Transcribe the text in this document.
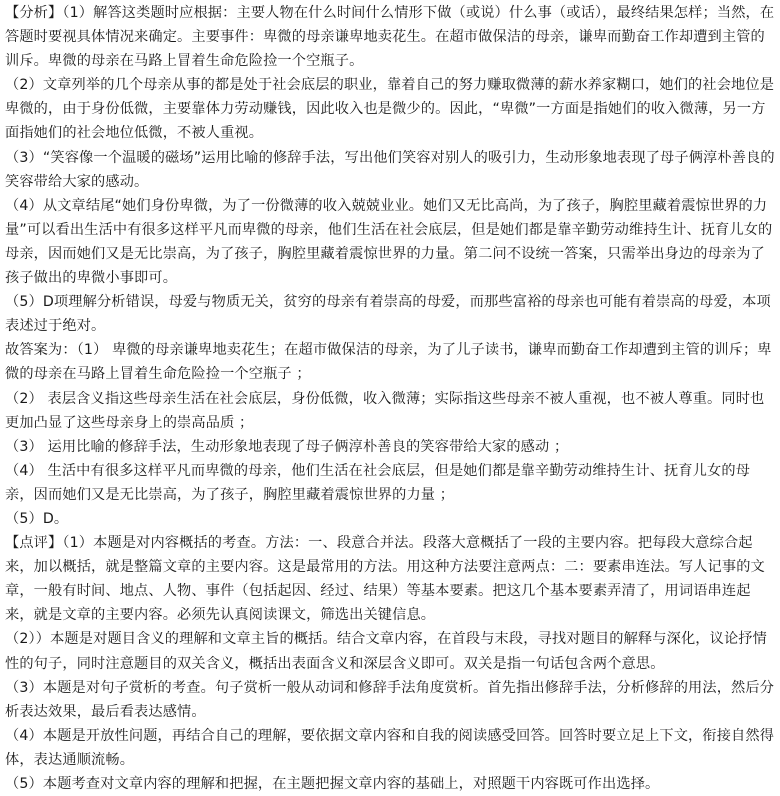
【分析】（1）解答这类题时应根据：主要人物在什么时间什么情形下做（或说）什么事（或话），最终结果怎样；当然，在答题时要视具体情况来确定。主要事件：卑微的母亲谦卑地卖花生。在超市做保洁的母亲，谦卑而勤奋工作却遭到主管的训斥。卑微的母亲在马路上冒着生命危险捡一个空瓶子。

（2）文章列举的几个母亲从事的都是处于社会底层的职业，靠着自己的努力赚取微薄的薪水养家糊口，她们的社会地位是卑微的，由于身份低微，主要靠体力劳动赚钱，因此收入也是微少的。因此，“卑微”一方面是指她们的收入微薄，另一方面指她们的社会地位低微，不被人重视。

（3）“笑容像一个温暖的磁场”运用比喻的修辞手法，写出他们笑容对别人的吸引力，生动形象地表现了母子俩淳朴善良的笑容带给大家的感动。

（4）从文章结尾“她们身份卑微，为了一份微薄的收入兢兢业业。她们又无比高尚，为了孩子，胸腔里藏着震惊世界的力量”可以看出生活中有很多这样平凡而卑微的母亲，他们生活在社会底层，但是她们都是靠辛勤劳动维持生计、抚育儿女的母亲，因而她们又是无比崇高，为了孩子，胸腔里藏着震惊世界的力量。第二问不设统一答案，只需举出身边的母亲为了孩子做出的卑微小事即可。

（5）D项理解分析错误，母爱与物质无关，贫穷的母亲有着崇高的母爱，而那些富裕的母亲也可能有着崇高的母爱，本项表述过于绝对。

故答案为：（1） 卑微的母亲谦卑地卖花生；在超市做保洁的母亲，为了儿子读书，谦卑而勤奋工作却遭到主管的训斥；卑微的母亲在马路上冒着生命危险捡一个空瓶子 ；

（2） 表层含义指这些母亲生活在社会底层，身份低微，收入微薄；实际指这些母亲不被人重视，也不被人尊重。同时也更加凸显了这些母亲身上的崇高品质 ；

（3） 运用比喻的修辞手法，生动形象地表现了母子俩淳朴善良的笑容带给大家的感动 ；

（4） 生活中有很多这样平凡而卑微的母亲，他们生活在社会底层，但是她们都是靠辛勤劳动维持生计、抚育儿女的母亲，因而她们又是无比崇高，为了孩子，胸腔里藏着震惊世界的力量 ；

（5）D。

【点评】（1）本题是对内容概括的考查。方法：一、段意合并法。段落大意概括了一段的主要内容。把每段大意综合起来，加以概括，就是整篇文章的主要内容。这是最常用的方法。用这种方法要注意两点：二：要素串连法。写人记事的文章，一般有时间、地点、人物、事件（包括起因、经过、结果）等基本要素。把这几个基本要素弄清了，用词语串连起来，就是文章的主要内容。必须先认真阅读课文，筛选出关键信息。

（2））本题是对题目含义的理解和文章主旨的概括。结合文章内容，在首段与末段，寻找对题目的解释与深化，议论抒情性的句子，同时注意题目的双关含义，概括出表面含义和深层含义即可。双关是指一句话包含两个意思。

（3）本题是对句子赏析的考查。句子赏析一般从动词和修辞手法角度赏析。首先指出修辞手法，分析修辞的用法，然后分析表达效果，最后看表达感情。

（4）本题是开放性问题，再结合自己的理解，要依据文章内容和自我的阅读感受回答。回答时要立足上下文，衔接自然得体，表达通顺流畅。

（5）本题考查对文章内容的理解和把握，在主题把握文章内容的基础上，对照题干内容既可作出选择。
